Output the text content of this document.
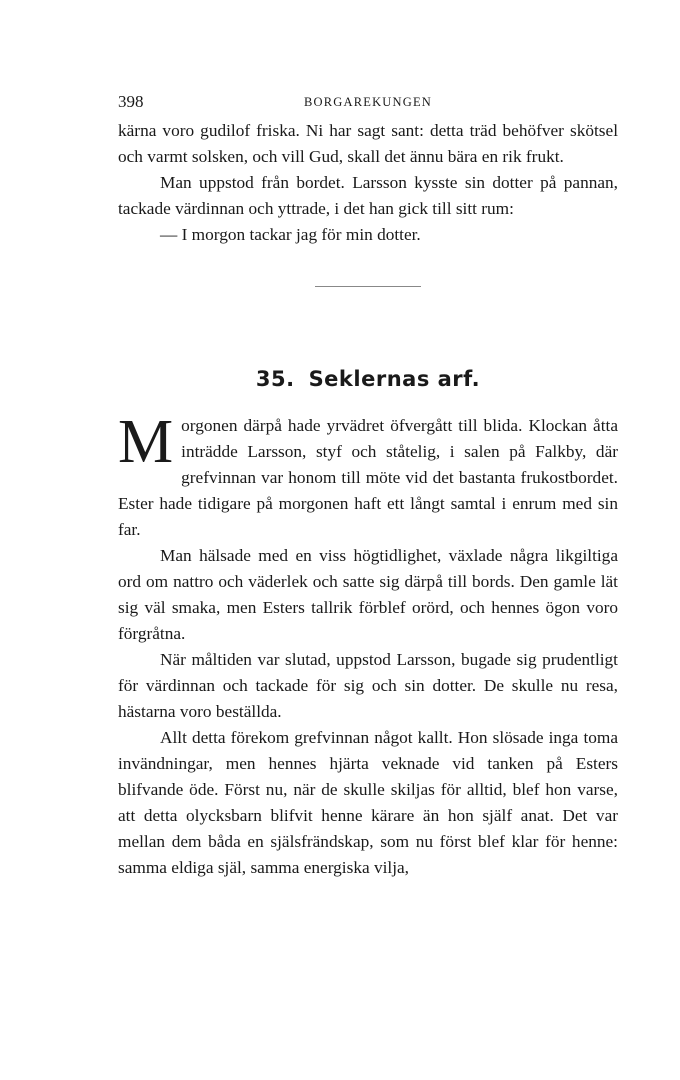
398	BORGAREKUNGEN

kärna voro gudilof friska. Ni har sagt sant: detta träd behöfver skötsel och varmt solsken, och vill Gud, skall det ännu bära en rik frukt.

Man uppstod från bordet. Larsson kysste sin dotter på pannan, tackade värdinnan och yttrade, i det han gick till sitt rum:

— I morgon tackar jag för min dotter.

35. Seklernas arf.

Morgonen därpå hade yrvädret öfvergått till blida. Klockan åtta inträdde Larsson, styf och ståtelig, i salen på Falkby, där grefvinnan var honom till möte vid det bastanta frukostbordet. Ester hade tidigare på morgonen haft ett långt samtal i enrum med sin far.

Man hälsade med en viss högtidlighet, växlade några likgiltiga ord om nattro och väderlek och satte sig därpå till bords. Den gamle lät sig väl smaka, men Esters tallrik förblef orörd, och hennes ögon voro förgråtna.

När måltiden var slutad, uppstod Larsson, bugade sig prudentligt för värdinnan och tackade för sig och sin dotter. De skulle nu resa, hästarna voro beställda.

Allt detta förekom grefvinnan något kallt. Hon slösade inga toma invändningar, men hennes hjärta veknade vid tanken på Esters blifvande öde. Först nu, när de skulle skiljas för alltid, blef hon varse, att detta olycksbarn blifvit henne kärare än hon själf anat. Det var mellan dem båda en själsfrändskap, som nu först blef klar för henne: samma eldiga själ, samma energiska vilja,
